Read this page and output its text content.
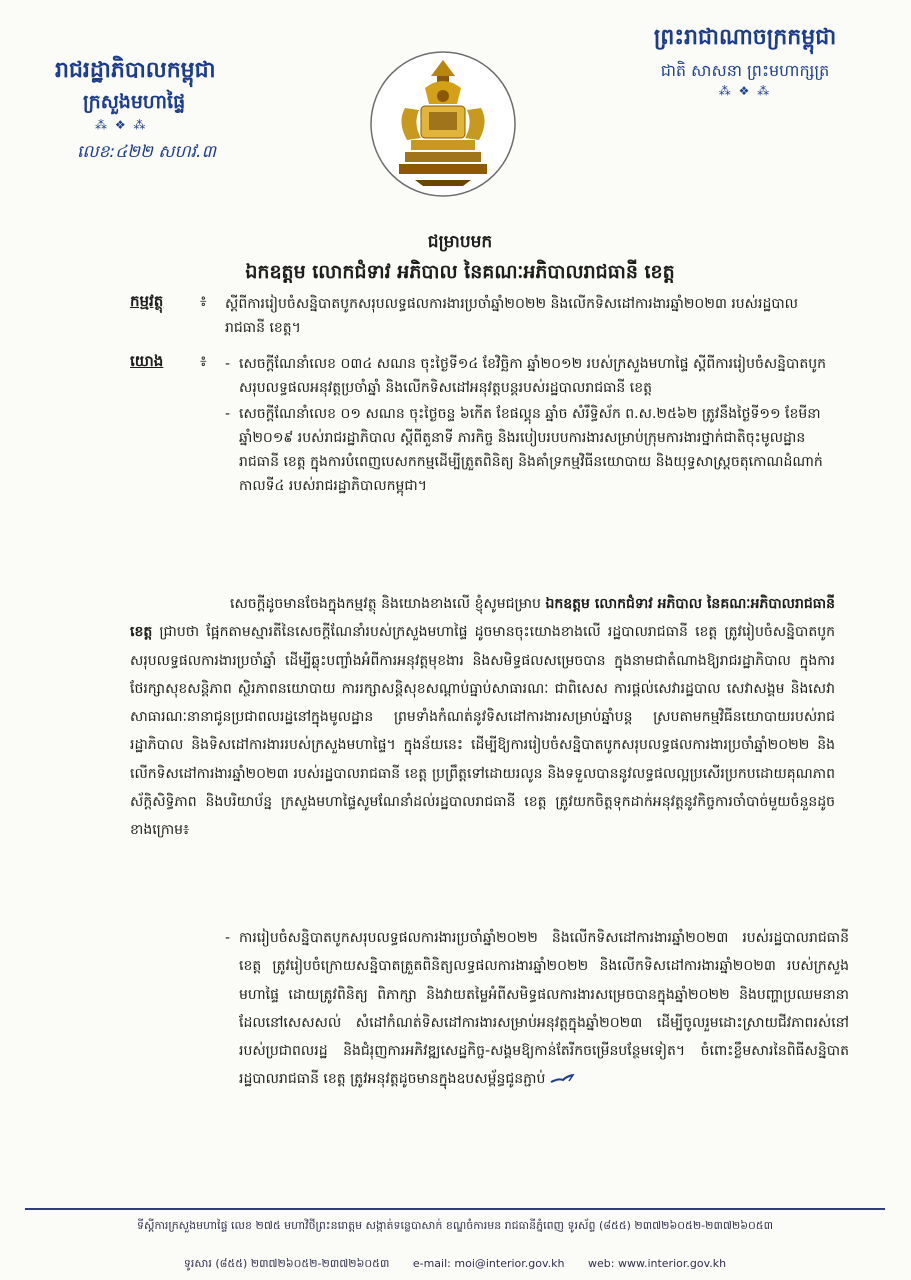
រាជរដ្ឋាភិបាលកម្ពុជា
ក្រសួងមហាផ្ទៃ
⁂ ❖ ⁂
លេខ:៤២២ សហវ.៣
ព្រះរាជាណាចក្រកម្ពុជា
ជាតិ សាសនា ព្រះមហាក្សត្រ
⁂ ❖ ⁂
ជម្រាបមក
ឯកឧត្តម លោកជំទាវ អភិបាល នៃគណៈអភិបាលរាជធានី ខេត្ត
កម្មវត្ថុ ៖ ស្ដីពីការរៀបចំសន្និបាតបូកសរុបលទ្ធផលការងារប្រចាំឆ្នាំ២០២២ និងលើកទិសដៅការងារឆ្នាំ២០២៣ របស់រដ្ឋបាលរាជធានី ខេត្ត។
យោង ៖
-	សេចក្ដីណែនាំលេខ ០៣៤ សណន ចុះថ្ងៃទី១៤ ខែវិច្ឆិកា ឆ្នាំ២០១២ របស់ក្រសួងមហាផ្ទៃ ស្ដីពីការរៀបចំសន្និបាតបូកសរុបលទ្ធផលអនុវត្តប្រចាំឆ្នាំ និងលើកទិសដៅអនុវត្តបន្តរបស់រដ្ឋបាលរាជធានី ខេត្ត
- សេចក្ដីណែនាំលេខ ០១ សណន ចុះថ្ងៃចន្ទ ៦កើត ខែផល្គុន ឆ្នាំច សំរឹទ្ធិស័ក ព.ស.២៥៦២ ត្រូវនឹងថ្ងៃទី១១ ខែមីនា ឆ្នាំ២០១៩ របស់រាជរដ្ឋាភិបាល ស្ដីពីតួនាទី ភារកិច្ច និងរបៀបរបបការងារសម្រាប់ក្រុមការងារថ្នាក់ជាតិចុះមូលដ្ឋានរាជធានី ខេត្ត ក្នុងការបំពេញបេសកកម្មដើម្បីត្រួតពិនិត្យ និងគាំទ្រកម្មវិធីនយោបាយ និងយុទ្ធសាស្រ្តចតុកោណដំណាក់កាលទី៤ របស់រាជរដ្ឋាភិបាលកម្ពុជា។
សេចក្ដីដូចមានចែងក្នុងកម្មវត្ថុ និងយោងខាងលើ ខ្ញុំសូមជម្រាប ឯកឧត្តម លោកជំទាវ អភិបាល នៃគណៈអភិបាលរាជធានី ខេត្ត ជ្រាបថា ផ្អែកតាមស្មារតីនៃសេចក្ដីណែនាំរបស់ក្រសួងមហាផ្ទៃ ដូចមានចុះយោងខាងលើ រដ្ឋបាលរាជធានី ខេត្ត ត្រូវរៀបចំសន្និបាតបូកសរុបលទ្ធផលការងារប្រចាំឆ្នាំ ដើម្បីឆ្លុះបញ្ចាំងអំពីការអនុវត្តមុខងារ និងសមិទ្ធផលសម្រេចបាន ក្នុងនាមជាតំណាងឱ្យរាជរដ្ឋាភិបាល ក្នុងការថែរក្សាសុខសន្តិភាព ស្ថិរភាពនយោបាយ ការរក្សាសន្តិសុខសណ្តាប់ធ្នាប់សាធារណៈ ជាពិសេស ការផ្ដល់សេវារដ្ឋបាល សេវាសង្គម និងសេវាសាធារណៈនានាជូនប្រជាពលរដ្ឋនៅក្នុងមូលដ្ឋាន ព្រមទាំងកំណត់នូវទិសដៅការងារសម្រាប់ឆ្នាំបន្ត ស្របតាមកម្មវិធីនយោបាយរបស់រាជរដ្ឋាភិបាល និងទិសដៅការងាររបស់ក្រសួងមហាផ្ទៃ។ ក្នុងន័យនេះ ដើម្បីឱ្យការរៀបចំសន្និបាតបូកសរុបលទ្ធផលការងារប្រចាំឆ្នាំ២០២២ និងលើកទិសដៅការងារឆ្នាំ២០២៣ របស់រដ្ឋបាលរាជធានី ខេត្ត ប្រព្រឹត្តទៅដោយរលូន និងទទួលបាននូវលទ្ធផលល្អប្រសើរប្រកបដោយគុណភាព ស័ក្តិសិទ្ធិភាព និងបរិយាប័ន្ន ក្រសួងមហាផ្ទៃសូមណែនាំដល់រដ្ឋបាលរាជធានី ខេត្ត ត្រូវយកចិត្តទុកដាក់អនុវត្តនូវកិច្ចការចាំបាច់មួយចំនួនដូចខាងក្រោម៖
- ការរៀបចំសន្និបាតបូកសរុបលទ្ធផលការងារប្រចាំឆ្នាំ២០២២ និងលើកទិសដៅការងារឆ្នាំ២០២៣ របស់រដ្ឋបាលរាជធានី ខេត្ត ត្រូវរៀបចំក្រោយសន្និបាតត្រួតពិនិត្យលទ្ធផលការងារឆ្នាំ២០២២ និងលើកទិសដៅការងារឆ្នាំ២០២៣ របស់ក្រសួងមហាផ្ទៃ ដោយត្រូវពិនិត្យ ពិភាក្សា និងវាយតម្លៃអំពីសមិទ្ធផលការងារសម្រេចបានក្នុងឆ្នាំ២០២២ និងបញ្ហាប្រឈមនានាដែលនៅសេសសល់ សំដៅកំណត់ទិសដៅការងារសម្រាប់អនុវត្តក្នុងឆ្នាំ២០២៣ ដើម្បីចូលរួមដោះស្រាយជីវភាពរស់នៅរបស់ប្រជាពលរដ្ឋ និងជំរុញការអភិវឌ្ឍសេដ្ឋកិច្ច-សង្គមឱ្យកាន់តែរីកចម្រើនបន្ថែមទៀត។ ចំពោះខ្លឹមសារនៃពិធីសន្និបាត រដ្ឋបាលរាជធានី ខេត្ត ត្រូវអនុវត្តដូចមានក្នុងឧបសម្ព័ន្ធជូនភ្ជាប់
ទីស្ដីការក្រសួងមហាផ្ទៃ លេខ ២៧៥ មហាវិថីព្រះនរោត្តម សង្កាត់ទន្លេបាសាក់ ខណ្ឌចំការមន រាជធានីភ្នំពេញ ទូរស័ព្ទ (៨៥៥) ២៣៧២៦០៥២-២៣៧២៦០៥៣
ទូរសារ (៨៥៥) ២៣៧២៦០៥២-២៣៧២៦០៥៣ e-mail: moi@interior.gov.kh web: www.interior.gov.kh
